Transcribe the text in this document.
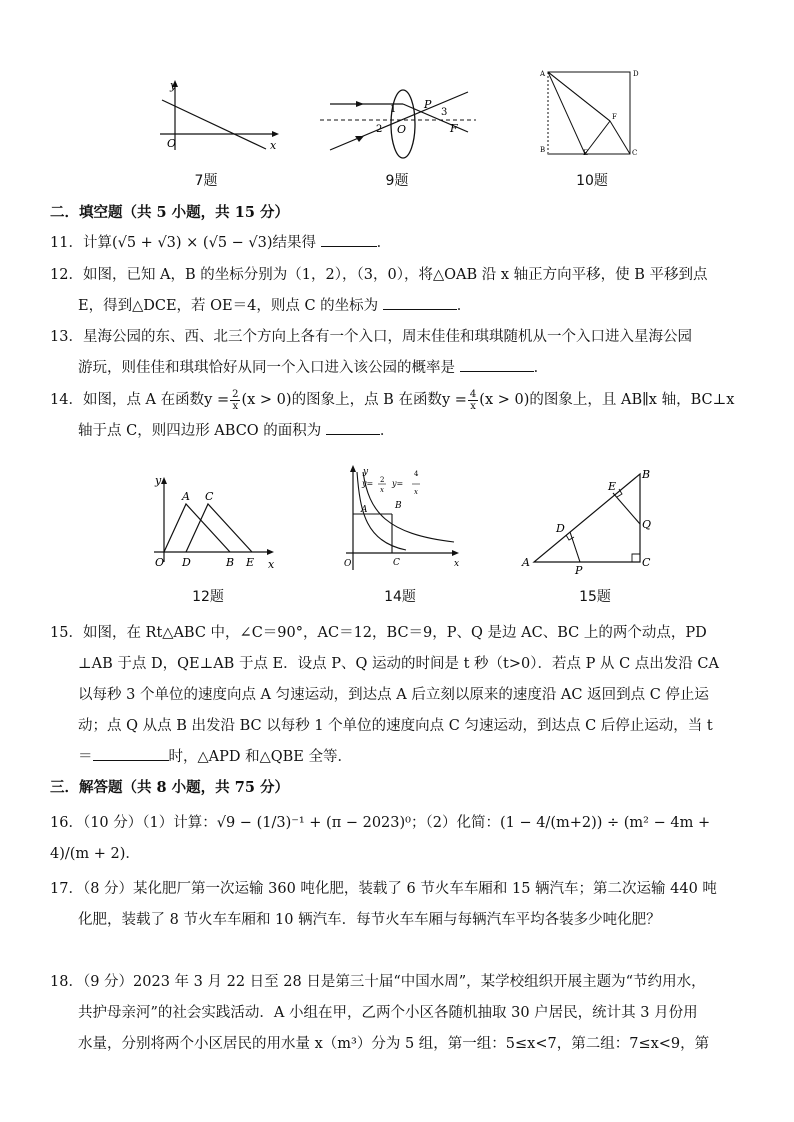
y
x
O
7题
1
2 O
P
3
F
9题
A	D
B	E	C
F
10题
二．填空题（共 5 小题，共 15 分）
11．计算(√5 + √3) × (√5 − √3)结果得	．
12．如图，已知 A，B 的坐标分别为（1，2），（3，0），将△OAB 沿 x 轴正方向平移，使 B 平移到点
E，得到△DCE，若 OE＝4，则点 C 的坐标为	．
13．星海公园的东、西、北三个方向上各有一个入口，周末佳佳和琪琪随机从一个入口进入星海公园
游玩，则佳佳和琪琪恰好从同一个入口进入该公园的概率是	．
14．如图，点 A 在函数$y = \frac{2}{x} (x > 0)$的图象上，点 B 在函数$y = \frac{4}{x} (x > 0)$的图象上，且 AB∥x 轴，BC⊥x
轴于点 C，则四边形 ABCO 的面积为	．
y
x
O
A C
D	B E
12题
y
x
O
A	B
C
y= 2
x
y=
4
x
14题
B
E
Q
D
A
P
C
15题
15．如图，在 Rt△ABC 中，∠C＝90°，AC＝12，BC＝9，P、Q 是边 AC、BC 上的两个动点，PD
⊥AB 于点 D，QE⊥AB 于点 E．设点 P、Q 运动的时间是 t 秒（t>0）．若点 P 从 C 点出发沿 CA
以每秒 3 个单位的速度向点 A 匀速运动，到达点 A 后立刻以原来的速度沿 AC 返回到点 C 停止运
动；点 Q 从点 B 出发沿 BC 以每秒 1 个单位的速度向点 C 匀速运动，到达点 C 后停止运动，当 t
＝	时，△APD 和△QBE 全等．
三．解答题（共 8 小题，共 75 分）
16．（10 分）（1）计算：√9 − (1/3)⁻¹ + (π − 2023)⁰；（2）化简：(1 − 4/(m+2)) ÷ (m² − 4m + 4)/(m + 2)．
17．（8 分）某化肥厂第一次运输 360 吨化肥，装载了 6 节火车车厢和 15 辆汽车；第二次运输 440 吨
化肥，装载了 8 节火车车厢和 10 辆汽车．每节火车车厢与每辆汽车平均各装多少吨化肥？
18．（9 分）2023 年 3 月 22 日至 28 日是第三十届“中国水周”，某学校组织开展主题为“节约用水，
共护母亲河”的社会实践活动．A 小组在甲，乙两个小区各随机抽取 30 户居民，统计其 3 月份用
水量，分别将两个小区居民的用水量 x（m³）分为 5 组，第一组：5≤x<7，第二组：7≤x<9，第
